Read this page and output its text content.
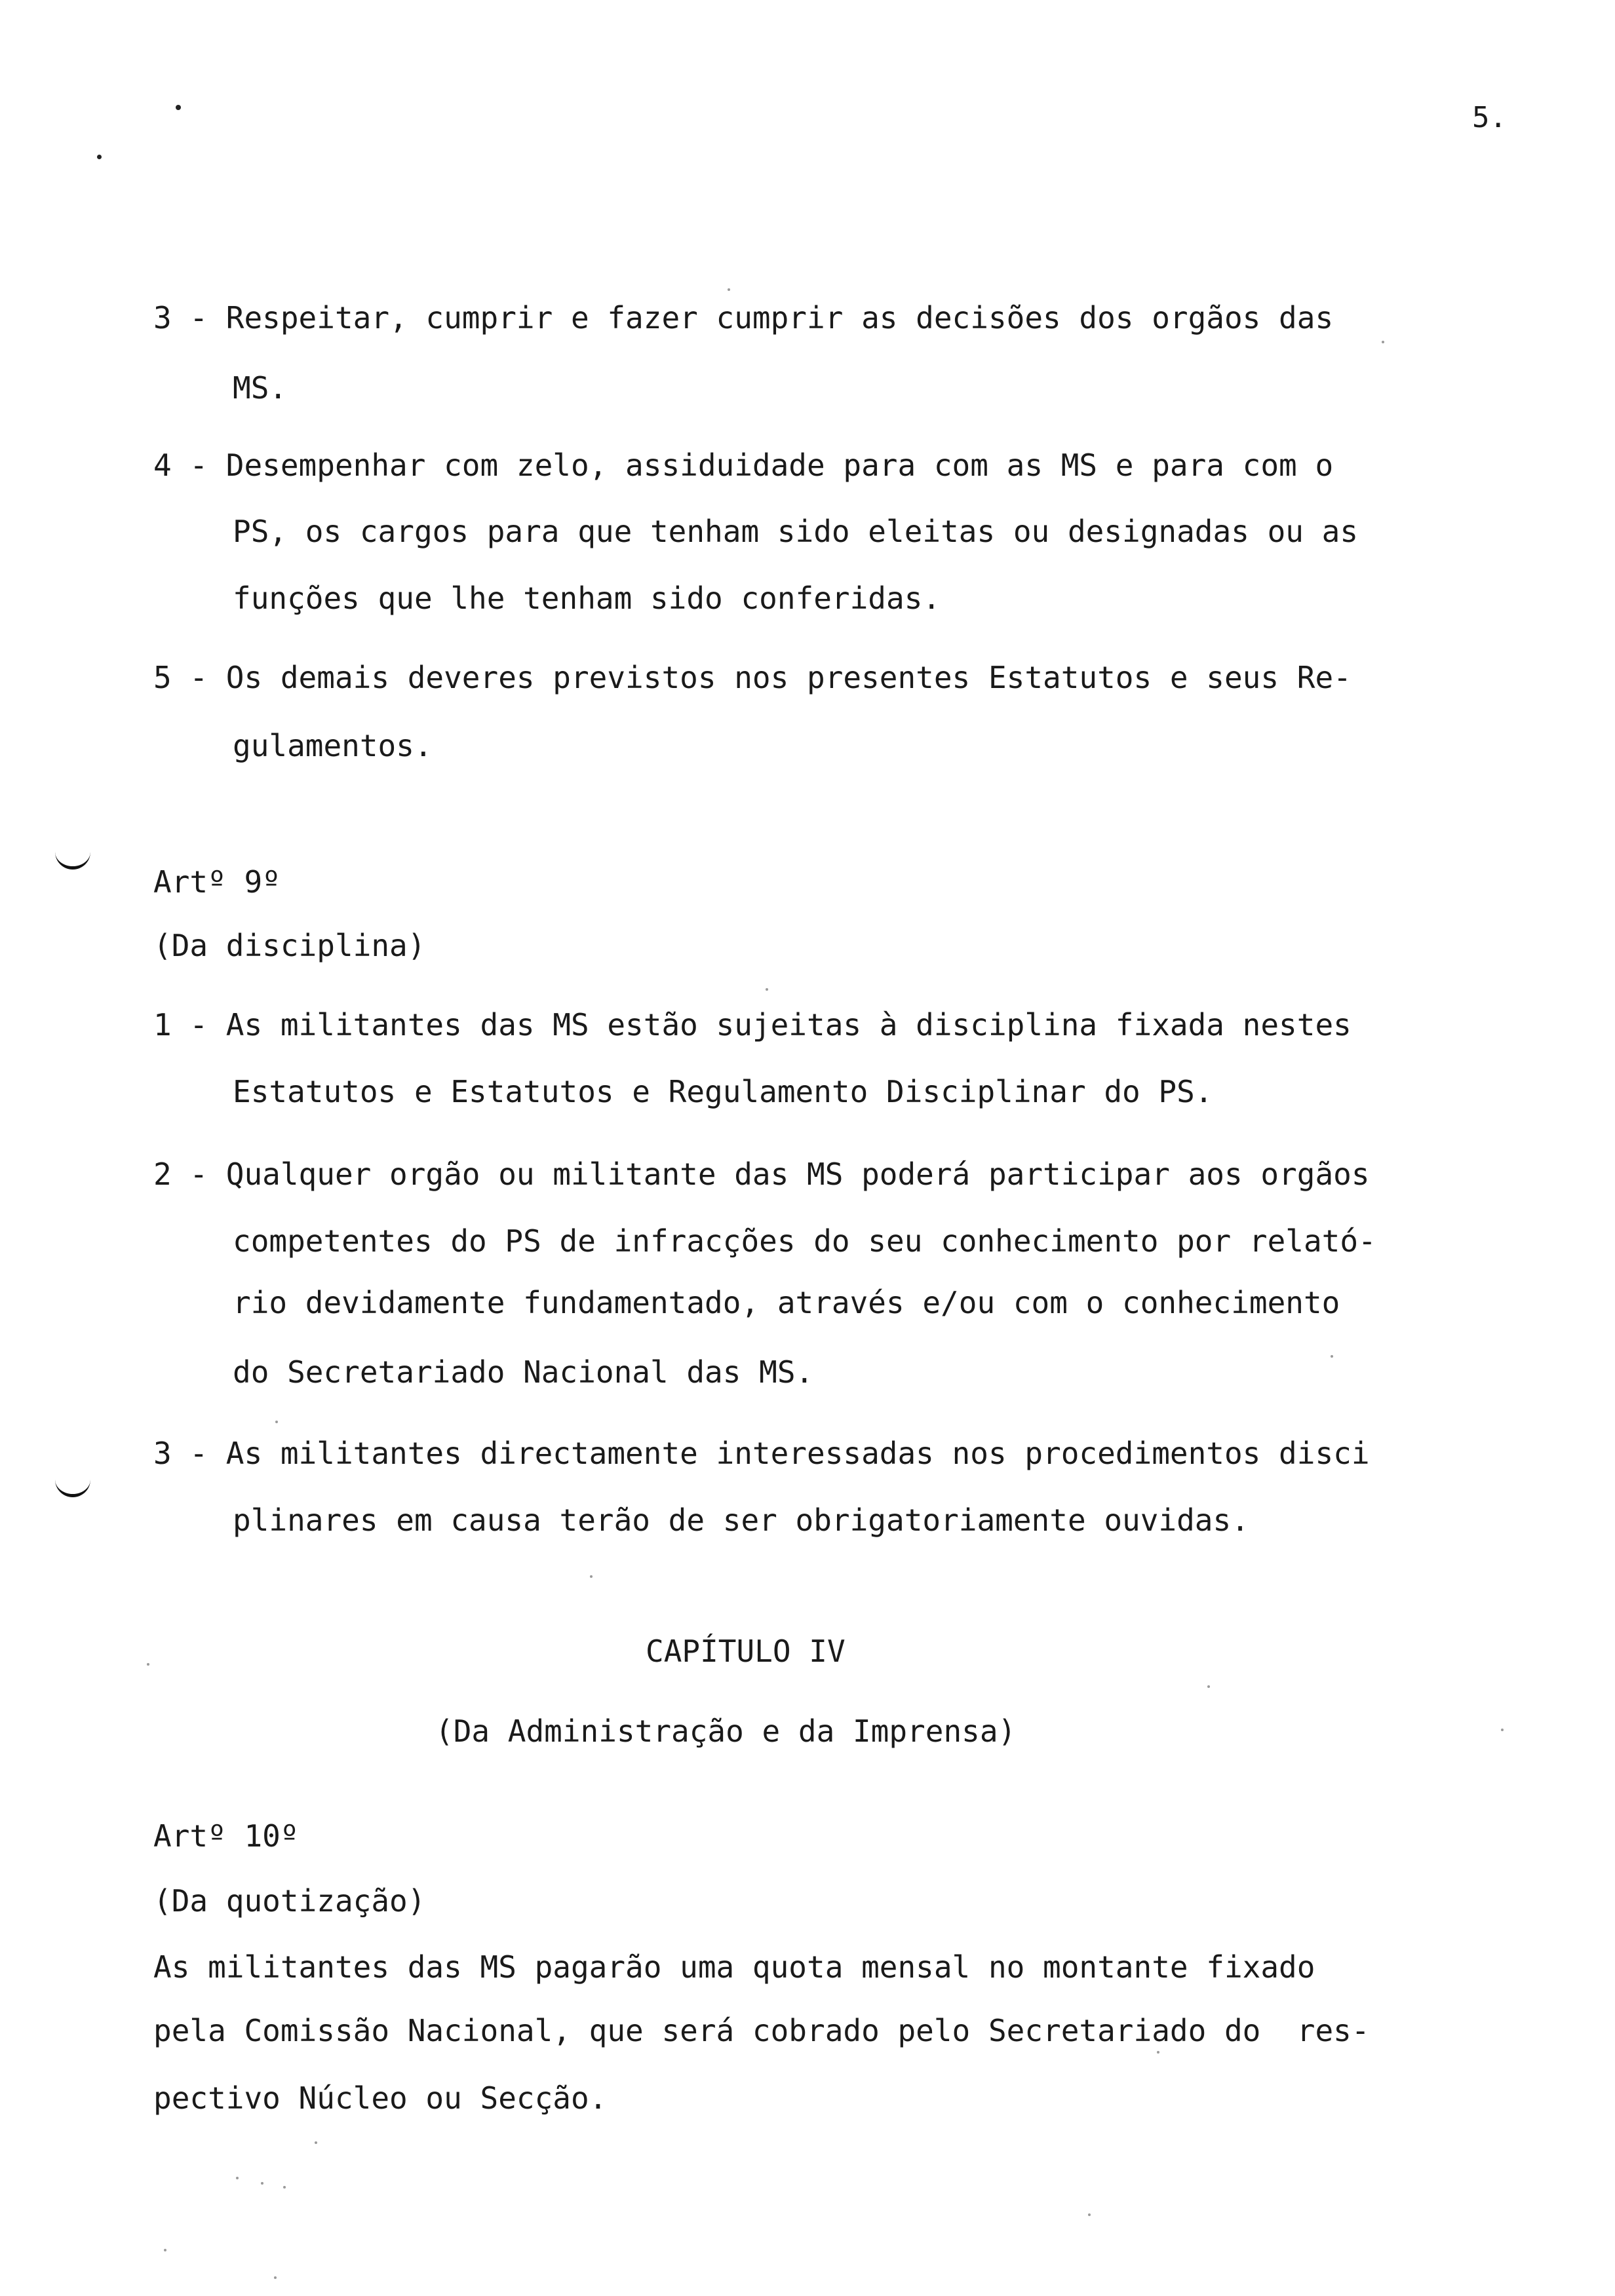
5.
3 - Respeitar, cumprir e fazer cumprir as decisões dos orgãos das
MS.
4 - Desempenhar com zelo, assiduidade para com as MS e para com o
PS, os cargos para que tenham sido eleitas ou designadas ou as
funções que lhe tenham sido conferidas.
5 - Os demais deveres previstos nos presentes Estatutos e seus Re-
gulamentos.
Artº 9º
(Da disciplina)
1 - As militantes das MS estão sujeitas à disciplina fixada nestes
Estatutos e Estatutos e Regulamento Disciplinar do PS.
2 - Qualquer orgão ou militante das MS poderá participar aos orgãos
competentes do PS de infracções do seu conhecimento por relató-
rio devidamente fundamentado, através e/ou com o conhecimento
do Secretariado Nacional das MS.
3 - As militantes directamente interessadas nos procedimentos disci
plinares em causa terão de ser obrigatoriamente ouvidas.
CAPÍTULO IV
(Da Administração e da Imprensa)
Artº 10º
(Da quotização)
As militantes das MS pagarão uma quota mensal no montante fixado
pela Comissão Nacional, que será cobrado pelo Secretariado do  res-
pectivo Núcleo ou Secção.
